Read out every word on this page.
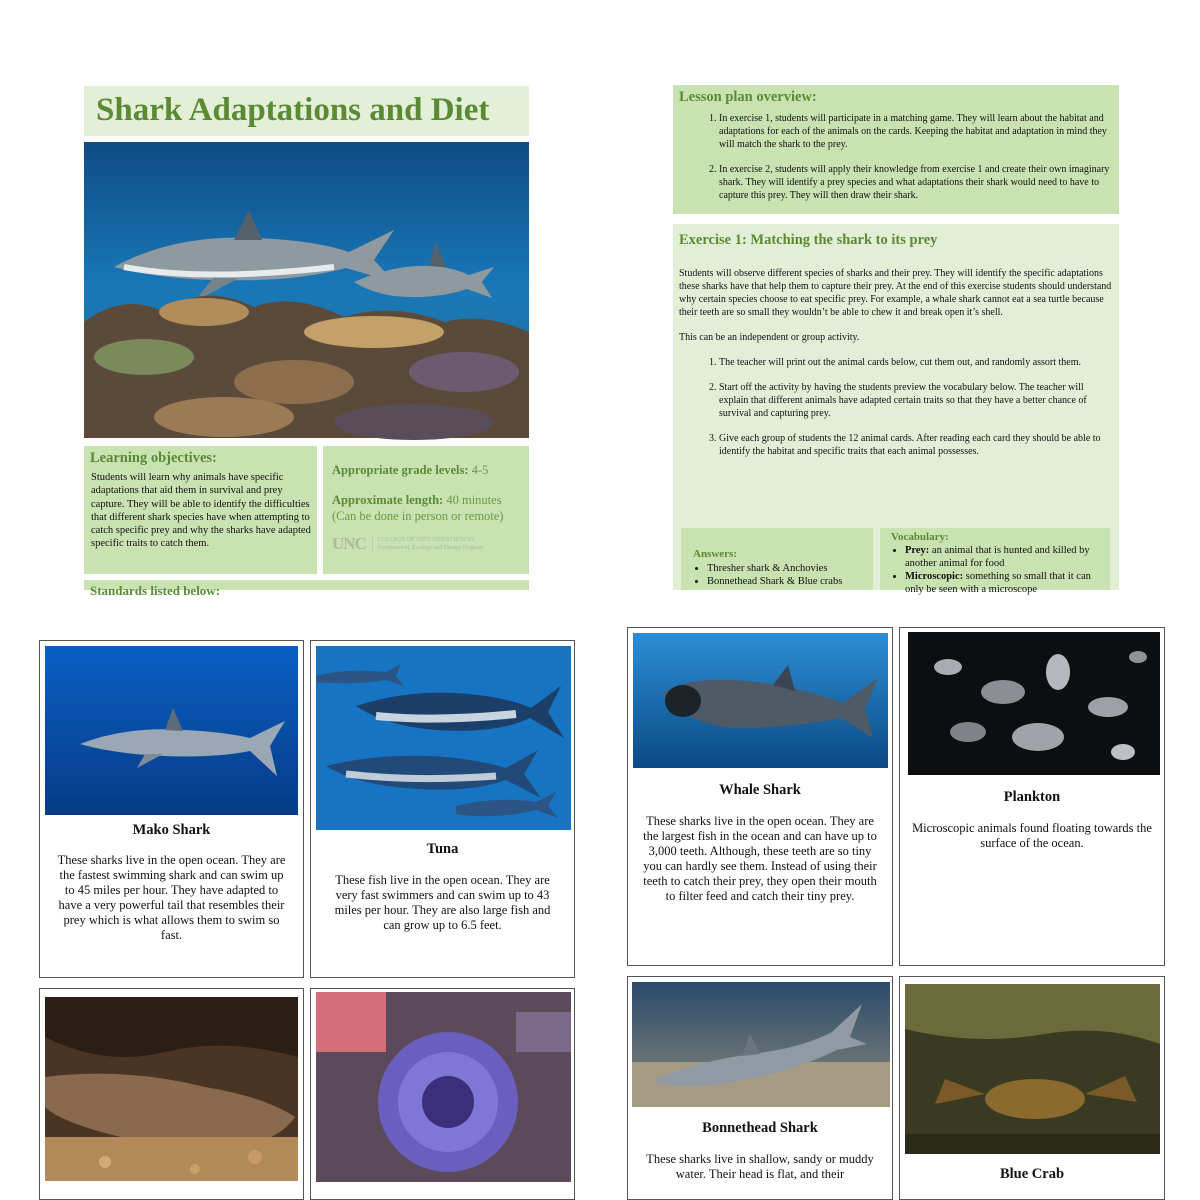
Shark Adaptations and Diet
Learning objectives:

Students will learn why animals have specific adaptations that aid them in survival and prey capture. They will be able to identify the difficulties that different shark species have when attempting to catch specific prey and why the sharks have adapted specific traits to catch them.

Appropriate grade levels: 4-5

Approximate length: 40 minutes
(Can be done in person or remote)

UNC	COLLEGE OF ARTS AND SCIENCES
Environment, Ecology and Energy Program
Standards listed below:
Lesson plan overview:
1. In exercise 1, students will participate in a matching game. They will learn about the habitat and adaptations for each of the animals on the cards. Keeping the habitat and adaptation in mind they will match the shark to the prey.
2. In exercise 2, students will apply their knowledge from exercise 1 and create their own imaginary shark. They will identify a prey species and what adaptations their shark would need to have to capture this prey. They will then draw their shark.
Exercise 1: Matching the shark to its prey

Students will observe different species of sharks and their prey. They will identify the specific adaptations these sharks have that help them to capture their prey. At the end of this exercise students should understand why certain species choose to eat specific prey. For example, a whale shark cannot eat a sea turtle because their teeth are so small they wouldn’t be able to chew it and break open it’s shell.

This can be an independent or group activity.

1. The teacher will print out the animal cards below, cut them out, and randomly assort them.
2. Start off the activity by having the students preview the vocabulary below. The teacher will explain that different animals have adapted certain traits so that they have a better chance of survival and capturing prey.
3. Give each group of students the 12 animal cards. After reading each card they should be able to identify the habitat and specific traits that each animal possesses.
Answers:
• Thresher shark & Anchovies
• Bonnethead Shark & Blue crabs
Vocabulary:
• Prey: an animal that is hunted and killed by another animal for food
• Microscopic: something so small that it can only be seen with a microscope
Mako Shark
These sharks live in the open ocean. They are the fastest swimming shark and can swim up to 45 miles per hour. They have adapted to have a very powerful tail that resembles their prey which is what allows them to swim so fast.
Tuna
These fish live in the open ocean. They are very fast swimmers and can swim up to 43 miles per hour. They are also large fish and can grow up to 6.5 feet.
Whale Shark
These sharks live in the open ocean. They are the largest fish in the ocean and can have up to 3,000 teeth. Although, these teeth are so tiny you can hardly see them. Instead of using their teeth to catch their prey, they open their mouth to filter feed and catch their tiny prey.
Plankton
Microscopic animals found floating towards the surface of the ocean.
Bonnethead Shark
These sharks live in shallow, sandy or muddy water. Their head is flat, and their	Blue Crab
